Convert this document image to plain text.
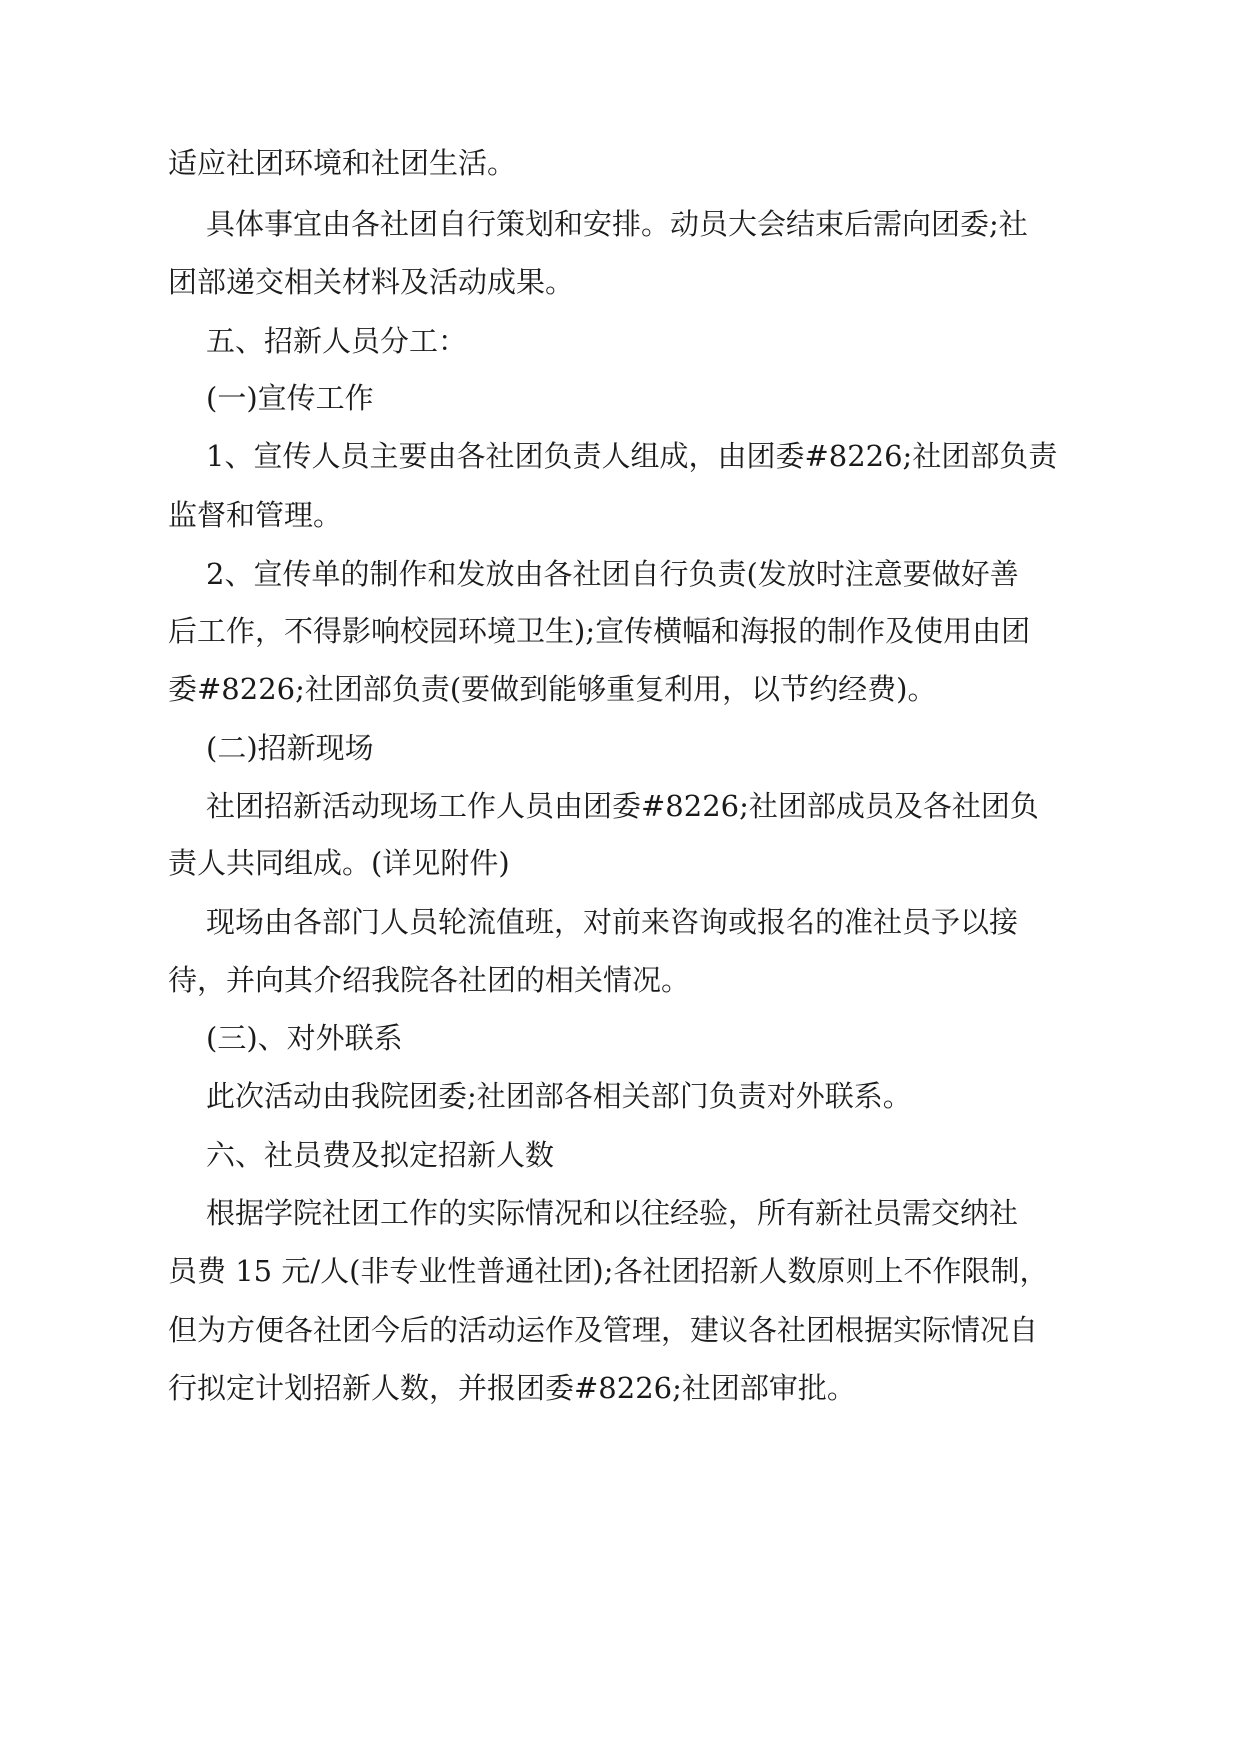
适应社团环境和社团生活。

具体事宜由各社团自行策划和安排。动员大会结束后需向团委;社

团部递交相关材料及活动成果。

五、招新人员分工：

(一)宣传工作

1、宣传人员主要由各社团负责人组成，由团委#8226;社团部负责

监督和管理。

2、宣传单的制作和发放由各社团自行负责(发放时注意要做好善

后工作，不得影响校园环境卫生);宣传横幅和海报的制作及使用由团

委#8226;社团部负责(要做到能够重复利用，以节约经费)。

(二)招新现场

社团招新活动现场工作人员由团委#8226;社团部成员及各社团负

责人共同组成。(详见附件)

现场由各部门人员轮流值班，对前来咨询或报名的准社员予以接

待，并向其介绍我院各社团的相关情况。

(三)、对外联系

此次活动由我院团委;社团部各相关部门负责对外联系。

六、社员费及拟定招新人数

根据学院社团工作的实际情况和以往经验，所有新社员需交纳社

员费 15 元/人(非专业性普通社团);各社团招新人数原则上不作限制，

但为方便各社团今后的活动运作及管理，建议各社团根据实际情况自

行拟定计划招新人数，并报团委#8226;社团部审批。
